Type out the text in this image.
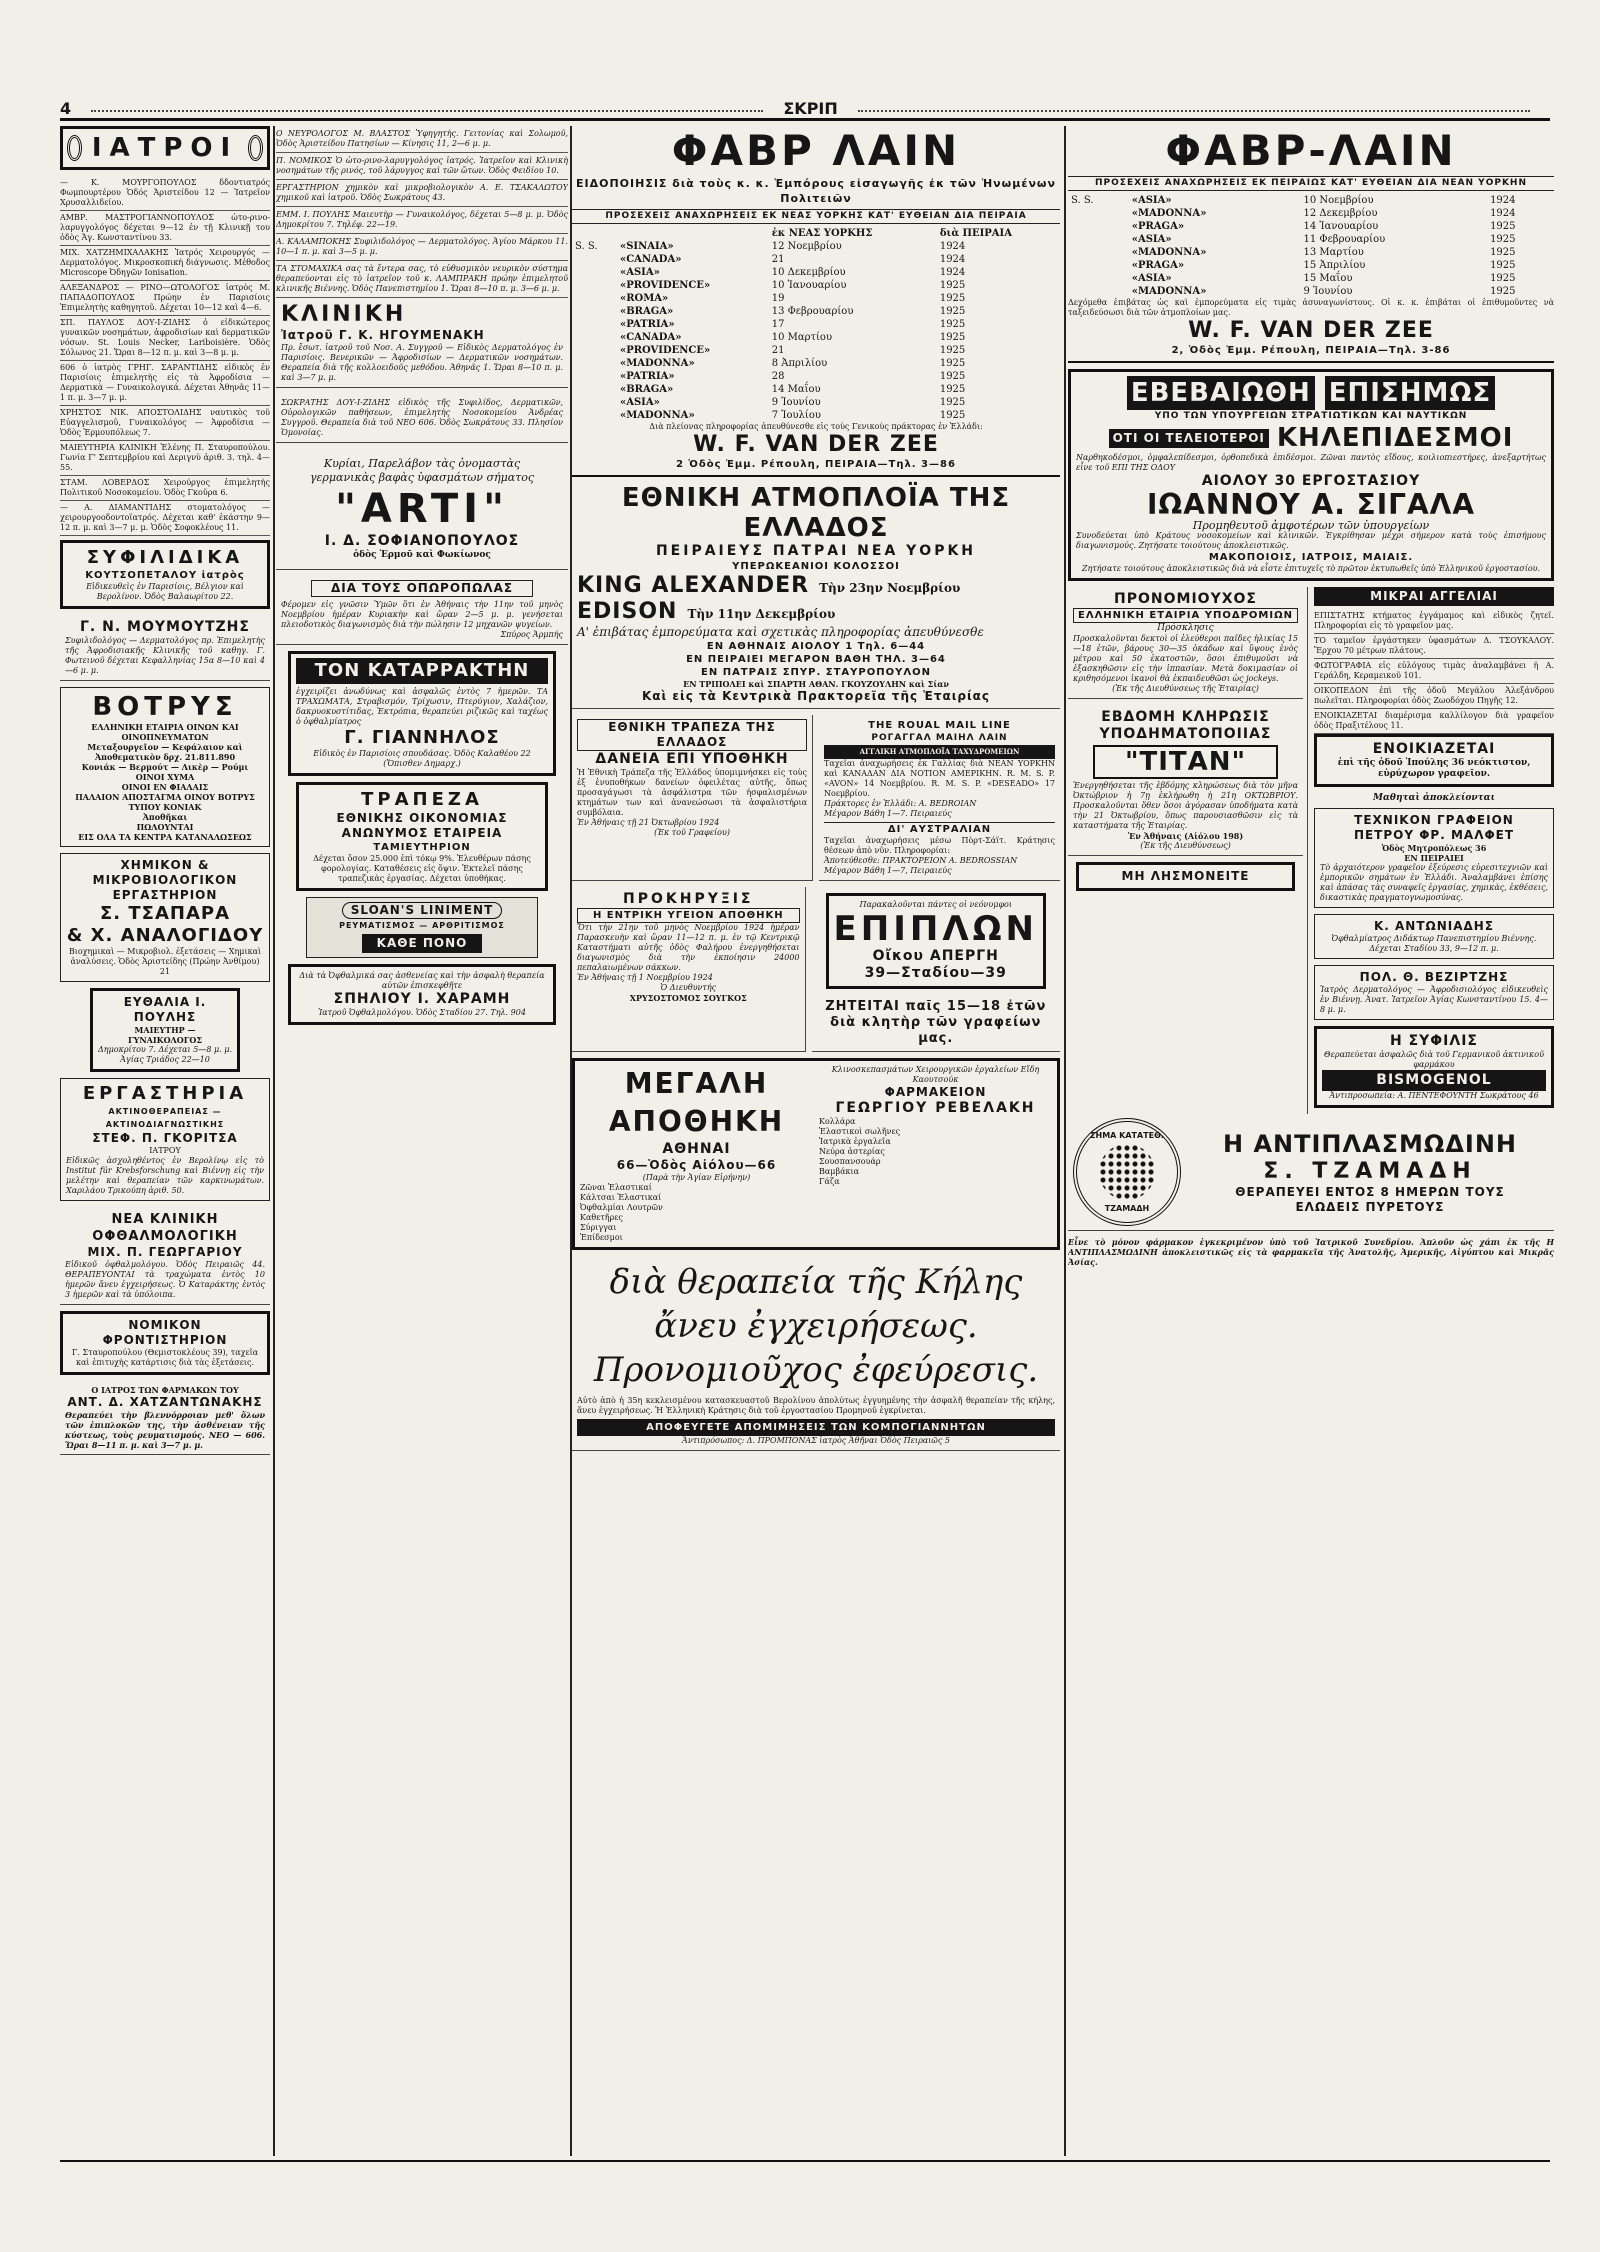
4	ΣΚΡΙΠ
ΙΑΤΡΟΙ
— Κ. ΜΟΥΡΓΟΠΟΥΛΟΣ δδοντιατρός Φωμπουρτέρου Ὁδός Ἀριστείδου 12 — Ἰατρεῖον Χρυσαλλιδείου.
ΑΜΒΡ. ΜΑΣΤΡΟΓΙΑΝΝΟΠΟΥΛΟΣ ὠτο-ρινο-λαρυγγολόγος δέχεται 9—12 ἐν τῇ Κλινικῇ του ὁδὸς Ἀγ. Κωνσταντίνου 33.
ΜΙΧ. ΧΑΤΖΗΜΙΧΑΛΑΚΗΣ Ἰατρός Χειρουργός — Δερματολόγος. Μικροσκοπικὴ διάγνωσις. Μέθοδος Microscope Ὀδηγῶν Ionisation.
ΑΛΕΞΑΝΔΡΟΣ — ΡΙΝΟ—ΩΤΟΛΟΓΟΣ ἰατρὸς Μ. ΠΑΠΑΔΟΠΟΥΛΟΣ Πρώην ἐν Παρισίοις Ἐπιμελητὴς καθηγητοῦ. Δέχεται 10—12 καὶ 4—6.
ΣΠ. ΠΑΥΛΟΣ ΔΟΥ-Ι-ΖΙΔΗΣ ὁ εἰδικώτερος γυναικῶν νοσημάτων, ἀφροδισίων καὶ δερματικῶν νόσων. St. Louis Necker, Lariboisière. Ὁδὸς Σόλωνος 21. Ὥραι 8—12 π. μ. καὶ 3—8 μ. μ.
606 ὁ ἰατρὸς ΓΡΗΓ. ΣΑΡΑΝΤΙΔΗΣ εἰδικὸς ἐν Παρισίοις ἐπιμελητὴς εἰς τὰ Ἀφροδίσια — Δερματικὰ — Γυναικολογικά. Δέχεται Ἀθηνᾶς 11—1 π. μ. 3—7 μ. μ.
ΧΡΗΣΤΟΣ ΝΙΚ. ΑΠΟΣΤΟΛΙΔΗΣ ναυτικὸς τοῦ Εὐαγγελισμοῦ, Γυναικολόγος — Ἀφροδίσια — Ὁδὸς Ἐρμουπόλεως 7.
ΜΑΙΕΥΤΗΡΙΑ ΚΛΙΝΙΚΗ Ἐλένης Π. Σταυροπούλου. Γωνία Γ' Σεπτεμβρίου καὶ Δεριγνὺ ἀριθ. 3. τηλ. 4—55.
ΣΤΑΜ. ΛΟΒΕΡΔΟΣ Χειρούργος ἐπιμελητὴς Πολιτικοῦ Νοσοκομείου. Ὁδὸς Γκοῦρα 6.
— Α. ΔΙΑΜΑΝΤΙΔΗΣ στοματολόγος — χειρουργοοδοντοϊατρός. Δέχεται καθ' ἑκάστην 9—12 π. μ. καὶ 3—7 μ. μ. Ὁδὸς Σοφοκλέους 11.
ΣΥΦΙΛΙΔΙΚΑ
ΚΟΥΤΣΟΠΕΤΑΛΟΥ ἰατρὸς
Εἰδικευθεὶς ἐν Παρισίοις, Βέλγιον καὶ Βερολίνον. Ὁδὸς Βαλαωρίτου 22.
Γ. Ν. ΜΟΥΜΟΥΤΖΗΣ
Συφιλιδολόγος — Δερματολόγος πρ. Ἐπιμελητὴς τῆς Ἀφροδισιακῆς Κλινικῆς τοῦ καθηγ. Γ. Φωτεινοῦ δέχεται Κεφαλληνίας 15α 8—10 καὶ 4—6 μ. μ.
ΒΟΤΡΥΣ
ΕΛΛΗΝΙΚΗ ΕΤΑΙΡΙΑ ΟΙΝΩΝ ΚΑΙ ΟΙΝΟΠΝΕΥΜΑΤΩΝ
Μεταξουργεῖον — Κεφάλαιον καὶ Ἀποθεματικὸν δρχ. 21.811.890
Κονιάκ — Βερμούτ — Λικὲρ — Ρούμι
ΟΙΝΟΙ ΧΥΜΑ
ΟΙΝΟΙ ΕΝ ΦΙΑΛΑΙΣ
ΠΑΛΑΙΟΝ ΑΠΟΣΤΑΓΜΑ ΟΙΝΟΥ ΒΟΤΡΥΣ
ΤΥΠΟΥ ΚΟΝΙΑΚ
Ἀποθῆκαι
ΠΩΛΟΥΝΤΑΙ
ΕΙΣ ΟΛΑ ΤΑ ΚΕΝΤΡΑ ΚΑΤΑΝΑΛΩΣΕΩΣ
ΧΗΜΙΚΟΝ & ΜΙΚΡΟΒΙΟΛΟΓΙΚΟΝ ΕΡΓΑΣΤΗΡΙΟΝ
Σ. ΤΣΑΠΑΡΑ
& Χ. ΑΝΑΛΟΓΙΔΟΥ
Βιοχημικαὶ — Μικροβιολ. ἐξετάσεις — Χημικαὶ ἀναλύσεις. Ὁδὸς Ἀριστείδης (Πρώην Ἀνθίμου) 21
ΕΥΘΑΛΙΑ Ι. ΠΟΥΛΗΣ
ΜΑΙΕΥΤΗΡ — ΓΥΝΑΙΚΟΛΟΓΟΣ
Δημοκρίτου 7. Δέχεται 5—8 μ. μ. Ἀγίας Τριάδος 22—10
ΕΡΓΑΣΤΗΡΙΑ
ΑΚΤΙΝΟΘΕΡΑΠΕΙΑΣ — ΑΚΤΙΝΟΔΙΑΓΝΩΣΤΙΚΗΣ
ΣΤΕΦ. Π. ΓΚΟΡΙΤΣΑ
ΙΑΤΡΟΥ
Εἰδικῶς ἀσχοληθέντος ἐν Βερολίνῳ εἰς τὸ Institut für Krebsforschung καὶ Βιέννῃ εἰς τὴν μελέτην καὶ θεραπείαν τῶν καρκινωμάτων. Χαριλάου Τρικούπη ἀριθ. 50.
ΝΕΑ ΚΛΙΝΙΚΗ ΟΦΘΑΛΜΟΛΟΓΙΚΗ
ΜΙΧ. Π. ΓΕΩΡΓΑΡΙΟΥ
Εἰδικοῦ ὀφθαλμολόγου. Ὁδὸς Πειραιῶς 44. ΘΕΡΑΠΕΥΟΝΤΑΙ τὰ τραχώματα ἐντὸς 10 ἡμερῶν ἄνευ ἐγχειρήσεως. Ὁ Καταράκτης ἐντὸς 3 ἡμερῶν καὶ τὰ ὑπόλοιπα.
ΝΟΜΙΚΟΝ ΦΡΟΝΤΙΣΤΗΡΙΟΝ
Γ. Σταυροπούλου (Θεμιστοκλέους 39), ταχεῖα καὶ ἐπιτυχὴς κατάρτισις διὰ τὰς ἐξετάσεις.
Ο ΙΑΤΡΟΣ ΤΩΝ ΦΑΡΜΑΚΩΝ ΤΟΥ
ΑΝΤ. Δ. ΧΑΤΖΑΝΤΩΝΑΚΗΣ
Θεραπεύει τὴν βλεννόρροιαν μεθ' ὅλων τῶν ἐπιπλοκῶν της, τὴν ἀσθένειαν τῆς κύστεως, τοὺς ρευματισμούς. NEO — 606. Ὥραι 8—11 π. μ. καὶ 3—7 μ. μ.
Ο ΝΕΥΡΟΛΟΓΟΣ Μ. ΒΛΑΣΤΟΣ Ὑφηγητὴς. Γειτονίας καὶ Σολωμοῦ, Ὁδὸς Ἀριστείδου Πατησίων — Κίνησις 11, 2—6 μ. μ.
Π. ΝΟΜΙΚΟΣ Ὁ ὠτο-ρινο-λαρυγγολόγος ἰατρός. Ἰατρεῖον καὶ Κλινικὴ νοσημάτων τῆς ρινός, τοῦ λάρυγγος καὶ τῶν ὤτων. Ὁδὸς Φειδίου 10.
ΕΡΓΑΣΤΗΡΙΟΝ χημικὸν καὶ μικροβιολογικὸν Α. Ε. ΤΣΑΚΑΛΩΤΟΥ χημικοῦ καὶ ἰατροῦ. Ὁδὸς Σωκράτους 43.
ΕΜΜ. Ι. ΠΟΥΛΗΣ Μαιευτὴρ — Γυναικολόγος, δέχεται 5—8 μ. μ. Ὁδὸς Δημοκρίτου 7. Τηλέφ. 22—19.
Α. ΚΑΛΑΜΠΟΚΗΣ Συφιλιδολόγος — Δερματολόγος. Ἀγίου Μάρκου 11. 10—1 π. μ. καὶ 3—5 μ. μ.
ΤΑ ΣΤΟΜΑΧΙΚΑ σας τὰ ἔντερα σας, τὸ εὐθυσμικὸν νευρικὸν σύστημα θεραπεύονται εἰς τὸ ἰατρεῖον τοῦ κ. ΛΑΜΠΡΑΚΗ πρώην ἐπιμελητοῦ κλινικῆς Βιέννης. Ὁδὸς Πανεπιστημίου 1. Ὥραι 8—10 π. μ. 3—6 μ. μ.
ΚΛΙΝΙΚΗ
Ἰατροῦ Γ. Κ. ΗΓΟΥΜΕΝΑΚΗ
Πρ. ἔσωτ. ἰατροῦ τοῦ Νοσ. Α. Συγγροῦ — Εἰδικὸς Δερματολόγος ἐν Παρισίοις. Βενερικῶν — Ἀφροδισίων — Δερματικῶν νοσημάτων. Θεραπεία διὰ τῆς κολλοειδοῦς μεθόδου. Ἀθηνᾶς 1. Ὥραι 8—10 π. μ. καὶ 3—7 μ. μ.
ΣΩΚΡΑΤΗΣ ΔΟΥ-Ι-ΖΙΔΗΣ εἰδικὸς τῆς Συφιλίδος, Δερματικῶν, Οὐρολογικῶν παθήσεων, ἐπιμελητὴς Νοσοκομείου Ἀνδρέας Συγγροῦ. Θεραπεία διὰ τοῦ NEO 606. Ὁδὸς Σωκράτους 33. Πλησίον Ὁμονοίας.
Κυρίαι, Παρελάβον τὰς ὀνομαστὰς γερμανικὰς βαφὰς ὑφασμάτων σήματος
"ARTI"
Ι. Δ. ΣΟΦΙΑΝΟΠΟΥΛΟΣ
ὁδὸς Ἑρμοῦ καὶ Φωκίωνος
ΔΙΑ ΤΟΥΣ ΟΠΩΡΟΠΩΛΑΣ
Φέρομεν εἰς γνῶσιν Ὑμῶν ὅτι ἐν Ἀθήναις τὴν 11ην τοῦ μηνὸς Νοεμβρίου ἡμέραν Κυριακὴν καὶ ὥραν 2—5 μ. μ. γενήσεται πλειοδοτικὸς διαγωνισμὸς διὰ τὴν πώλησιν 12 μηχανῶν ψυγείων.
Σπύρος Ἀρμπής
ΤΟΝ ΚΑΤΑΡΡΑΚΤΗΝ
ἐγχειρίζει ἀνωδύνως καὶ ἀσφαλῶς ἐντὸς 7 ἡμερῶν. ΤΑ ΤΡΑΧΩΜΑΤΑ, Στραβισμόν, Τρίχωσιν, Πτερύγιον, Χαλάζιον, δακρυοκυστίτιδας, Ἐκτρόπια, θεραπεύει ριζικῶς καὶ ταχέως ὁ ὀφθαλμίατρος
Γ. ΓΙΑΝΝΗΛΟΣ
Εἰδικὸς ἐν Παρισίοις σπουδάσας. Ὁδὸς Καλαθέου 22 (Ὅπισθεν Δημαρχ.)
ΤΡΑΠΕΖΑ
ΕΘΝΙΚΗΣ ΟΙΚΟΝΟΜΙΑΣ
ΑΝΩΝΥΜΟΣ ΕΤΑΙΡΕΙΑ
ΤΑΜΙΕΥΤΗΡΙΟΝ
Δέχεται ὅσον 25.000 ἐπὶ τόκῳ 9%. Ἐλευθέρων πάσης φορολογίας. Καταθέσεις εἰς ὄψιν. Ἐκτελεῖ πάσης τραπεζικὰς ἐργασίας. Δέχεται ὑποθήκας.
SLOAN'S LINIMENT
ΡΕΥΜΑΤΙΣΜΟΣ — ΑΡΘΡΙΤΙΣΜΟΣ
ΚΑΘΕ ΠΟΝΟ
Διὰ τὰ Ὀφθαλμικά σας ἀσθενείας καὶ τὴν ἀσφαλὴ θεραπεία αὐτῶν ἐπισκεφθῆτε
ΣΠΗΛΙΟΥ Ι. ΧΑΡΑΜΗ
Ἰατροῦ Ὀφθαλμολόγου. Ὁδὸς Σταδίου 27. Τηλ. 904
ΦΑΒΡ ΛΑΙΝ
ΕΙΔΟΠΟΙΗΣΙΣ διὰ τοὺς κ. κ. Ἐμπόρους εἰσαγωγῆς ἐκ τῶν Ἡνωμένων Πολιτειῶν
ΠΡΟΣΕΧΕΙΣ ΑΝΑΧΩΡΗΣΕΙΣ ΕΚ ΝΕΑΣ ΥΟΡΚΗΣ ΚΑΤ' ΕΥΘΕΙΑΝ ΔΙΑ ΠΕΙΡΑΙΑ
		ἐκ ΝΕΑΣ ΥΟΡΚΗΣ	διὰ ΠΕΙΡΑΙΑ
S. S.	«SINAIA»	12 Νοεμβρίου	1924
	«CANADA»	21	1924
	«ASIA»	10 Δεκεμβρίου	1924
	«PROVIDENCE»	10 Ἰανουαρίου	1925
	«ROMA»	19	1925
	«BRAGA»	13 Φεβρουαρίου	1925
	«PATRIA»	17	1925
	«CANADA»	10 Μαρτίου	1925
	«PROVIDENCE»	21	1925
	«MADONNA»	8 Ἀπριλίου	1925
	«PATRIA»	28	1925
	«BRAGA»	14 Μαΐου	1925
	«ASIA»	9 Ἰουνίου	1925
	«MADONNA»	7 Ἰουλίου	1925
Διὰ πλείονας πληροφορίας ἀπευθύνεσθε εἰς τοὺς Γενικοὺς πράκτορας ἐν Ἑλλάδι:
W. F. VAN DER ZEE
2 Ὁδὸς Ἐμμ. Ρέπουλη, ΠΕΙΡΑΙΑ—Τηλ. 3—86
ΕΘΝΙΚΗ ΑΤΜΟΠΛΟΪΑ ΤΗΣ ΕΛΛΑΔΟΣ
ΠΕΙΡΑΙΕΥΣ ΠΑΤΡΑΙ ΝΕΑ ΥΟΡΚΗ
ΥΠΕΡΩΚΕΑΝΙΟΙ ΚΟΛΟΣΣΟΙ
KING ALEXANDER Τὴν 23ην Νοεμβρίου
EDISON Τὴν 11ην Δεκεμβρίου
Α' ἐπιβάτας ἐμπορεύματα καὶ σχετικὰς πληροφορίας ἀπευθύνεσθε
ΕΝ ΑΘΗΝΑΙΣ ΑΙΟΛΟΥ 1 Τηλ. 6—44
ΕΝ ΠΕΙΡΑΙΕΙ ΜΕΓΑΡΟΝ ΒΑΘΗ ΤΗΛ. 3—64
ΕΝ ΠΑΤΡΑΙΣ ΣΠΥΡ. ΣΤΑΥΡΟΠΟΥΛΟΝ
ΕΝ ΤΡΙΠΟΛΕΙ καὶ ΣΠΑΡΤΗ ΑΘΑΝ. ΓΚΟΥΖΟΥΛΗΝ καὶ Σίαν
Καὶ εἰς τὰ Κεντρικὰ Πρακτορεῖα τῆς Ἑταιρίας
ΕΘΝΙΚΗ ΤΡΑΠΕΖΑ ΤΗΣ ΕΛΛΑΔΟΣ
ΔΑΝΕΙΑ ΕΠΙ ΥΠΟΘΗΚΗ
Ἡ Ἐθνικὴ Τράπεζα τῆς Ἑλλάδος ὑπομιμνήσκει εἰς τοὺς ἐξ ἐνυποθήκων δανείων ὀφειλέτας αὐτῆς, ὅπως προσαγάγωσι τὰ ἀσφάλιστρα τῶν ἠσφαλισμένων κτημάτων των καὶ ἀνανεώσωσι τὰ ἀσφαλιστήρια συμβόλαια.
Ἐν Ἀθήναις τῇ 21 Ὀκτωβρίου 1924
(Ἐκ τοῦ Γραφείου)
THE ROUAL MAIL LINE
ΡΟΓΑΓΓΑΛ ΜΑΙΗΛ ΛΑΙΝ
ΑΓΓΛΙΚΗ ΑΤΜΟΠΛΟΪΑ ΤΑΧΥΔΡΟΜΕΙΩΝ
Ταχεῖαι ἀναχωρήσεις ἐκ Γαλλίας διὰ ΝΕΑΝ ΥΟΡΚΗΝ καὶ ΚΑΝΑΔΑΝ ΔΙΑ ΝΟΤΙΟΝ ΑΜΕΡΙΚΗΝ. R. M. S. P. «AVON» 14 Νοεμβρίου. R. M. S. P. «DESEADO» 17 Νοεμβρίου.
Πράκτορες ἐν Ἑλλάδι: A. BEDROIAN
Μέγαρον Βάθη 1—7. Πειραιεύς
ΔΙ' ΑΥΣΤΡΑΛΙΑΝ
Ταχεῖαι ἀναχωρήσεις μέσω Πὸρτ-Σάϊτ. Κράτησις θέσεων ἀπὸ νῦν. Πληροφορίαι:
Ἀποτεύθεσθε: ΠΡΑΚΤΟΡΕΙΟΝ Α. BEDROSSIAN
Μέγαρον Βάθη 1—7, Πειραιεύς
ΠΡΟΚΗΡΥΞΙΣ
Η ΕΝΤΡΙΚΗ ΥΓΕΙΟΝ ΑΠΟΘΗΚΗ
Ὅτι τὴν 21ην τοῦ μηνὸς Νοεμβρίου 1924 ἡμέραν Παρασκευὴν καὶ ὥραν 11—12 π. μ. ἐν τῷ Κεντρικῷ Καταστήματι αὐτῆς ὁδὸς Φαλήρου ἐνεργηθήσεται διαγωνισμὸς διὰ τὴν ἐκποίησιν 24000 πεπαλαιωμένων σάκκων.
Ἐν Ἀθήναις τῇ 1 Νοεμβρίου 1924
Ὁ Διευθυντής
ΧΡΥΣΟΣΤΟΜΟΣ ΣΟΥΓΚΟΣ
Παρακαλοῦνται πάντες οἱ νεόνυμφοι
ΕΠΙΠΛΩΝ
Οἴκου ΑΠΕΡΓΗ
39—Σταδίου—39
ΖΗΤΕΙΤΑΙ παῖς 15—18 ἐτῶν διὰ κλητὴρ τῶν γραφείων μας.
ΜΕΓΑΛΗ ΑΠΟΘΗΚΗ
ΑΘΗΝΑΙ
66—Ὁδὸς Αἰόλου—66
(Παρὰ τὴν Ἀγίαν Εἰρήνην)
Ζῶναι Ἐλαστικαί
Κάλτσαι Ἐλαστικαί
Ὀφθαλμίαι Λουτρῶν
Καθετῆρες
Σύριγγαι
Ἐπίδεσμοι
Κλινοσκεπασμάτων Χειρουργικῶν ἐργαλείων Εἴδη Καουτσούκ
ΦΑΡΜΑΚΕΙΟΝ
ΓΕΩΡΓΙΟΥ ΡΕΒΕΛΑΚΗ
Κολλάρα
Ἐλαστικοὶ σωλῆνες
Ἰατρικὰ ἐργαλεῖα
Νεύρα ἀστερίας
Σουσπανσουάρ
Βαμβάκια
Γάζα
διὰ θεραπεία τῆς Κήλης
ἄνευ ἐγχειρήσεως.
Προνομιοῦχος ἐφεύρεσις.
Αὐτὸ ἀπὸ ἡ 35η κεκλεισμένου κατασκευαστοῦ Βερολίνου ἀπολύτως ἐγγυημένης τὴν ἀσφαλῆ θεραπείαν τῆς κήλης, ἄνευ ἐγχειρήσεως. Ἡ Ἑλληνικὴ Κράτησις διὰ τοῦ ἐργοστασίου Προμηνοῦ ἐγκρίνεται.
ΑΠΟΦΕΥΓΕΤΕ ΑΠΟΜΙΜΗΣΕΙΣ ΤΩΝ ΚΟΜΠΟΓΙΑΝΝΗΤΩΝ
Ἀντιπρόσωπος: Δ. ΠΡΟΜΠΟΝΑΣ ἰατρὸς Ἀθῆναι Ὁδὸς Πειραιῶς 5
ΦΑΒΡ-ΛΑΙΝ
ΠΡΟΣΕΧΕΙΣ ΑΝΑΧΩΡΗΣΕΙΣ ΕΚ ΠΕΙΡΑΙΩΣ ΚΑΤ' ΕΥΘΕΙΑΝ ΔΙΑ ΝΕΑΝ ΥΟΡΚΗΝ
S. S.	«ASIA»	10 Νοεμβρίου	1924
	«MADONNA»	12 Δεκεμβρίου	1924
	«PRAGA»	14 Ἰανουαρίου	1925
	«ASIA»	11 Φεβρουαρίου	1925
	«MADONNA»	13 Μαρτίου	1925
	«PRAGA»	15 Ἀπριλίου	1925
	«ASIA»	15 Μαΐου	1925
	«MADONNA»	9 Ἰουνίου	1925
Δεχόμεθα ἐπιβάτας ὡς καὶ ἐμπορεύματα εἰς τιμὰς ἀσυναγωνίστους. Οἱ κ. κ. ἐπιβάται οἱ ἐπιθυμοῦντες νὰ ταξειδεύσωσι διὰ τῶν ἀτμοπλοίων μας.
W. F. VAN DER ZEE
2, Ὁδὸς Ἐμμ. Ρέπουλη, ΠΕΙΡΑΙΑ—Τηλ. 3-86
ΕΒΕΒΑΙΩΘΗ ΕΠΙΣΗΜΩΣ
ΥΠΟ ΤΩΝ ΥΠΟΥΡΓΕΙΩΝ ΣΤΡΑΤΙΩΤΙΚΩΝ ΚΑΙ ΝΑΥΤΙΚΩΝ
ΟΤΙ ΟΙ ΤΕΛΕΙΟΤΕΡΟΙ ΚΗΛΕΠΙΔΕΣΜΟΙ
Ναρθηκοδέσμοι, ὀμφαλεπίδεσμοι, ὀρθοπεδικὰ ἐπιδέσμοι. Ζῶναι παντὸς εἴδους, κοιλιοπιεστήρες, ἀνεξαρτήτως εἶνε τοῦ ΕΠΙ ΤΗΣ ΟΔΟΥ
ΑΙΟΛΟΥ 30 ΕΡΓΟΣΤΑΣΙΟΥ
ΙΩΑΝΝΟΥ Α. ΣΙΓΑΛΑ
Προμηθευτοῦ ἀμφοτέρων τῶν ὑπουργείων
Συνοδεύεται ὑπὸ Κράτους νοσοκομείων καὶ κλινικῶν. Ἐγκρίθησαν μέχρι σήμερον κατὰ τοὺς ἐπισήμους διαγωνισμούς. Ζητήσατε τοιούτους ἀποκλειστικῶς.
ΜΑΚΟΠΟΙΟΙΣ, ΙΑΤΡΟΙΣ, ΜΑΙΑΙΣ.
Ζητήσατε τοιούτους ἀποκλειστικῶς διὰ νὰ εἶστε ἐπιτυχεῖς τὸ πρῶτον ἐκτυπωθεῖς ὑπὸ Ἑλληνικοῦ ἐργοστασίου.
ΠΡΟΝΟΜΙΟΥΧΟΣ
ΕΛΛΗΝΙΚΗ ΕΤΑΙΡΙΑ ΥΠΟΔΡΟΜΙΩΝ
Πρόσκλησις
Προσκαλοῦνται δεκτοὶ οἱ ἐλεύθεροι παῖδες ἡλικίας 15—18 ἐτῶν, βάρους 30—35 ὀκάδων καὶ ὕψους ἑνὸς μέτρου καὶ 50 ἑκατοστῶν, ὅσοι ἐπιθυμοῦσι νὰ ἐξασκηθῶσιν εἰς τὴν ἱππασίαν. Μετὰ δοκιμασίαν οἱ κριθησόμενοι ἱκανοὶ θὰ ἐκπαιδευθῶσι ὡς jockeys.
(Ἐκ τῆς Διευθύνσεως τῆς Ἑταιρίας)
ΕΒΔΟΜΗ ΚΛΗΡΩΣΙΣ
ΥΠΟΔΗΜΑΤΟΠΟΙΙΑΣ
"ΤΙΤΑΝ"
Ἐνεργηθήσεται τῆς ἑβδόμης κληρώσεως διὰ τὸν μῆνα Ὀκτώβριον ἡ 7ῃ ἐκλήρωθη ἡ 21η ΟΚΤΩΒΡΙΟΥ. Προσκαλοῦνται ὅθεν ὅσοι ἀγόρασαν ὑποδήματα κατὰ τὴν 21 Ὀκτωβρίου, ὅπως παρουσιασθῶσιν εἰς τὰ καταστήματα τῆς Ἑταιρίας.
Ἐν Ἀθήναις (Αἰόλου 198)
(Ἐκ τῆς Διευθύνσεως)
ΜΗ ΛΗΣΜΟΝΕΙΤΕ
ΜΙΚΡΑΙ ΑΓΓΕΛΙΑΙ
ΕΠΙΣΤΑΤΗΣ κτήματος ἐγγάμαμος καὶ εἰδικὸς ζητεῖ. Πληροφορίαι εἰς τὸ γραφεῖον μας.
ΤΟ ταμεῖον ἐργάστηκεν ὑφασμάτων Δ. ΤΣΟΥΚΑΛΟΥ. Ἔρχου 70 μέτρων πλάτους.
ΦΩΤΟΓΡΑΦΙΑ εἰς εὐλόγους τιμὰς ἀναλαμβάνει ἡ Α. Γεράλδη, Κεραμεικοῦ 101.
ΟΙΚΟΠΕΔΟΝ ἐπὶ τῆς ὁδοῦ Μεγάλου Ἀλεξάνδρου πωλεῖται. Πληροφορίαι ὁδὸς Ζωοδόχου Πηγῆς 12.
ΕΝΟΙΚΙΑΖΕΤΑΙ διαμέρισμα καλλίλογον διὰ γραφεῖον ὁδὸς Πραξιτέλους 11.
ΕΝΟΙΚΙΑΖΕΤΑΙ
ἐπὶ τῆς ὁδοῦ Ἰπούλης 36 νεόκτιστον, εὐρύχωρον γραφεῖον.
Μαθηταὶ ἀποκλείονται
ΤΕΧΝΙΚΟΝ ΓΡΑΦΕΙΟΝ
ΠΕΤΡΟΥ ΦΡ. ΜΑΛΦΕΤ
Ὁδὸς Μητροπόλεως 36
ΕΝ ΠΕΙΡΑΙΕΙ
Τὸ ἀρχαιότερον γραφεῖον ἐξεύρεσις εὑρεσιτεχνιῶν καὶ ἐμπορικῶν σημάτων ἐν Ἑλλάδι. Ἀναλαμβάνει ἐπίσης καὶ ἀπάσας τὰς συναφεῖς ἐργασίας, χημικὰς, ἐκθέσεις, δικαστικὰς πραγματογνωμοσύνας.
Κ. ΑΝΤΩΝΙΑΔΗΣ
Ὀφθαλμίατρος Διδάκτωρ Πανεπιστημίου Βιέννης. Δέχεται Σταδίου 33, 9—12 π. μ.
ΠΟΛ. Θ. ΒΕΖΙΡΤΖΗΣ
Ἰατρὸς Δερματολόγος — Ἀφροδισιολόγος εἰδικευθεὶς ἐν Βιέννῃ. Ἀνατ. Ἰατρεῖον Ἀγίας Κωνσταντίνου 15. 4—8 μ. μ.
Η ΣΥΦΙΛΙΣ
Θεραπεύεται ἀσφαλῶς διὰ τοῦ Γερμανικοῦ ἀκτινικοῦ φαρμάκου
BISMOGENOL
Ἀντιπροσωπεία: Α. ΠΕΝΤΕΦΟΥΝΤΗ Σωκράτους 46
ΣΗΜΑ ΚΑΤΑΤΕΘ.
ΤΖΑΜΑΔΗ
Η ΑΝΤΙΠΛΑΣΜΩΔΙΝΗ
Σ. ΤΖΑΜΑΔΗ
ΘΕΡΑΠΕΥΕΙ ΕΝΤΟΣ 8 ΗΜΕΡΩΝ ΤΟΥΣ
ΕΛΩΔΕΙΣ ΠΥΡΕΤΟΥΣ
Εἶνε τὸ μόνον φάρμακον ἐγκεκριμένον ὑπὸ τοῦ Ἰατρικοῦ Συνεδρίου. Ἀπλοῦν ὡς χάπι ἐκ τῆς Η ΑΝΤΙΠΛΑΣΜΩΔΙΝΗ ἀποκλειστικῶς εἰς τὰ φαρμακεῖα τῆς Ἀνατολῆς, Ἀμερικῆς, Αἰγύπτου καὶ Μικρᾶς Ἀσίας.
